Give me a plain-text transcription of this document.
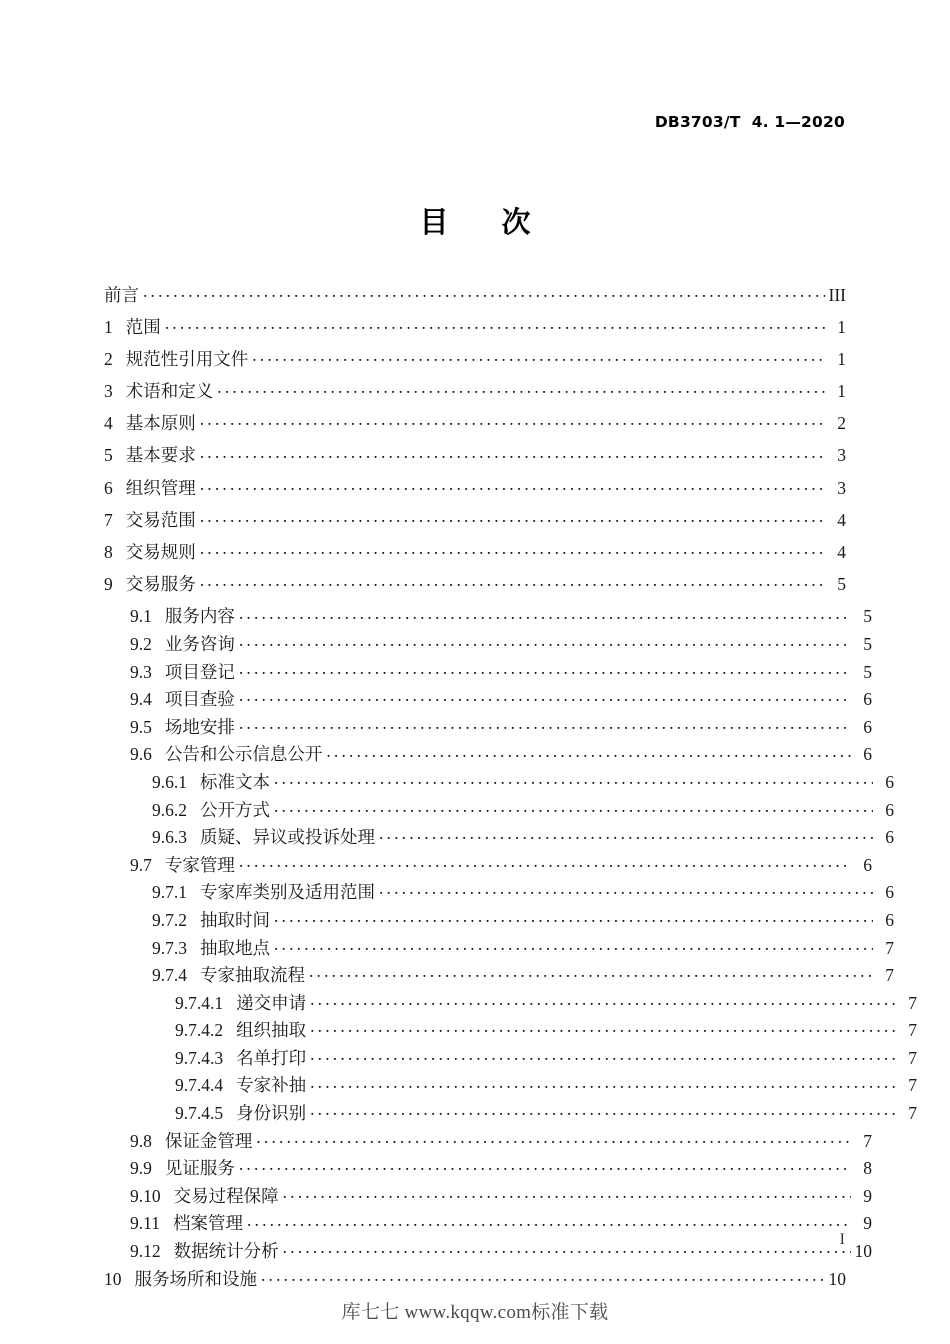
DB3703/T  4. 1—2020
目　次
前言 . . .	III
1 范围 . . .	1
2 规范性引用文件 . . .	1
3 术语和定义 . . .	1
4 基本原则 . . .	2
5 基本要求 . . .	3
6 组织管理 . . .	3
7 交易范围 . . .	4
8 交易规则 . . .	4
9 交易服务 . . .	5
9.1 服务内容 . . .	5
9.2 业务咨询 . . .	5
9.3 项目登记 . . .	5
9.4 项目查验 . . .	6
9.5 场地安排 . . .	6
9.6 公告和公示信息公开 . . .	6
9.6.1 标准文本 . . .	6
9.6.2 公开方式 . . .	6
9.6.3 质疑、异议或投诉处理 . . .	6
9.7 专家管理 . . .	6
9.7.1 专家库类别及适用范围 . . .	6
9.7.2 抽取时间 . . .	6
9.7.3 抽取地点 . . .	7
9.7.4 专家抽取流程 . . .	7
9.7.4.1 递交申请 . . .	7
9.7.4.2 组织抽取 . . .	7
9.7.4.3 名单打印 . . .	7
9.7.4.4 专家补抽 . . .	7
9.7.4.5 身份识别 . . .	7
9.8 保证金管理 . . .	7
9.9 见证服务 . . .	8
9.10 交易过程保障 . . .	9
9.11 档案管理 . . .	9
9.12 数据统计分析 . . .	10
10 服务场所和设施 . . .	10
I
库七七 www.kqqw.com标准下载
